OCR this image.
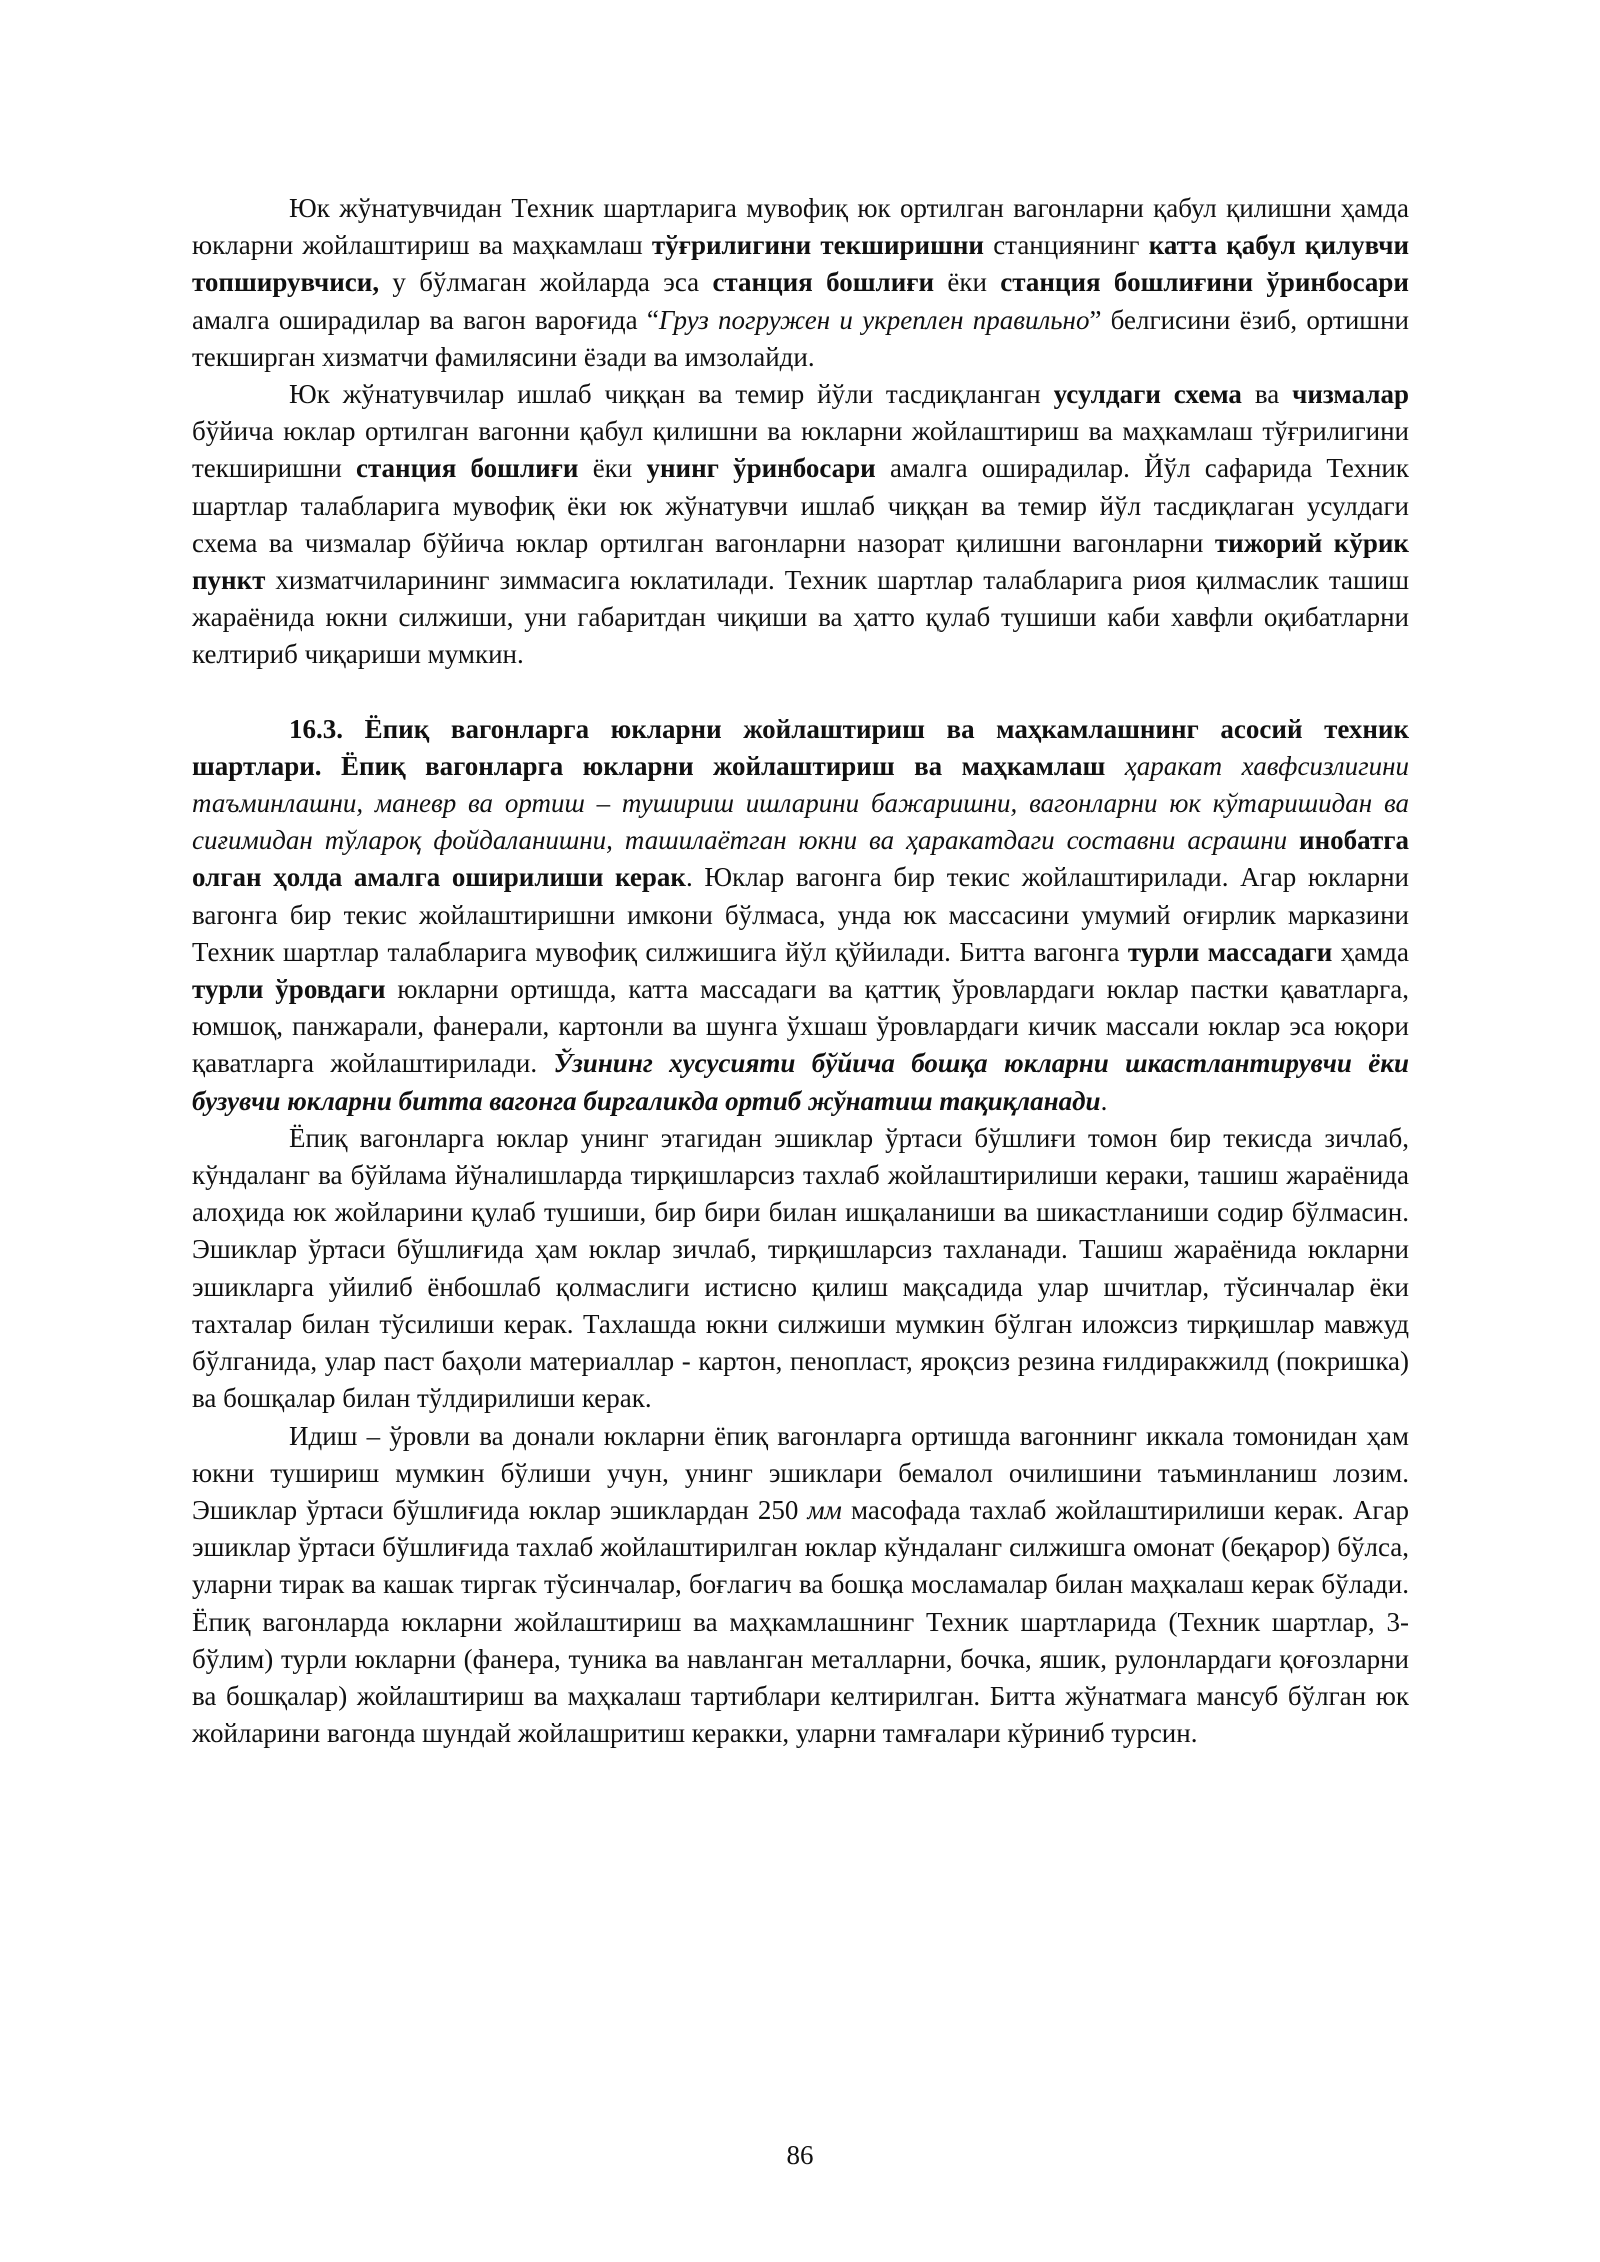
Юк жўнатувчидан Техник шартларига мувофиқ юк ортилган вагонларни қабул қилишни ҳамда юкларни жойлаштириш ва маҳкамлаш тўғрилигини текширишни станциянинг катта қабул қилувчи топширувчиси, у бўлмаган жойларда эса станция бошлиғи ёки станция бошлиғини ўринбосари амалга оширадилар ва вагон варoғида “Груз погружен и укреплен правильно” белгисини ёзиб, ортишни текширган хизматчи фамилясини ёзади ва имзолайди.

Юк жўнатувчилар ишлаб чиққан ва темир йўли тасдиқланган усулдаги схема ва чизмалар бўйича юклар ортилган вагонни қабул қилишни ва юкларни жойлаштириш ва маҳкамлаш тўғрилигини текширишни станция бошлиғи ёки унинг ўринбосари амалга оширадилар. Йўл сафарида Техник шартлар талабларига мувофиқ ёки юк жўнатувчи ишлаб чиққан ва темир йўл тасдиқлаган усулдаги схема ва чизмалар бўйича юклар ортилган вагонларни назорат қилишни вагонларни тижорий кўрик пункт хизматчиларининг зиммасига юклатилади. Техник шартлар талабларига риоя қилмаслик ташиш жараёнида юкни силжиши, уни габаритдан чиқиши ва ҳатто қулаб тушиши каби хавфли оқибатларни келтириб чиқариши мумкин.

16.3. Ёпиқ вагонларга юкларни жойлаштириш ва маҳкамлашнинг асосий техник шартлари. Ёпиқ вагонларга юкларни жойлаштириш ва маҳкамлаш ҳаракат хавфсизлигини таъминлашни, маневр ва ортиш – тушириш ишларини бажаришни, вагонларни юк кўтаришидан ва сиғимидан тўлароқ фойдаланишни, ташилаётган юкни ва ҳаракатдаги составни асрашни инобатга олган ҳолда амалга оширилиши керак. Юклар вагонга бир текис жойлаштирилади. Агар юкларни вагонга бир текис жойлаштиришни имкони бўлмаса, унда юк массасини умумий оғирлик марказини Техник шартлар талабларига мувофиқ силжишига йўл қўйилади. Битта вагонга турли массадаги ҳамда турли ўровдаги юкларни ортишда, катта массадаги ва қаттиқ ўровлардаги юклар пастки қаватларга, юмшоқ, панжарали, фанерали, картонли ва шунга ўхшаш ўровлардаги кичик массали юклар эса юқори қаватларга жойлаштирилади. Ўзининг хусусияти бўйича бошқа юкларни шкастлантирувчи ёки бузувчи юкларни битта вагонга биргаликда ортиб жўнатиш тақиқланади.

Ёпиқ вагонларга юклар унинг этагидан эшиклар ўртаси бўшлиғи томон бир текисда зичлаб, кўндаланг ва бўйлама йўналишларда тирқишларсиз тахлаб жойлаштирилиши кераки, ташиш жараёнида алоҳида юк жойларини қулаб тушиши, бир бири билан ишқаланиши ва шикастланиши содир бўлмасин. Эшиклар ўртаси бўшлиғида ҳам юклар зичлаб, тирқишларсиз тахланади. Ташиш жараёнида юкларни эшикларга уйилиб ёнбошлаб қолмаслиги истисно қилиш мақсадида улар шчитлар, тўсинчалар ёки тахталар билан тўсилиши керак. Тахлашда юкни силжиши мумкин бўлган иложсиз тирқишлар мавжуд бўлганида, улар паст баҳоли материаллар - картон, пенопласт, яроқсиз резина ғилдиракжилд (покришка) ва бошқалар билан тўлдирилиши керак.

Идиш – ўровли ва донали юкларни ёпиқ вагонларга ортишда вагоннинг иккала томонидан ҳам юкни тушириш мумкин бўлиши учун, унинг эшиклари бемалол очилишини таъминланиш лозим. Эшиклар ўртаси бўшлиғида юклар эшиклардан 250 мм масофада тахлаб жойлаштирилиши керак. Агар эшиклар ўртаси бўшлиғида тахлаб жойлаштирилган юклар кўндаланг силжишга омонат (беқарор) бўлса, уларни тирак ва кашак тиргак тўсинчалар, боғлагич ва бошқа мосламалар билан маҳкалаш керак бўлади. Ёпиқ вагонларда юкларни жойлаштириш ва маҳкамлашнинг Техник шартларида (Техник шартлар, 3-бўлим) турли юкларни (фанера, туника ва навланган металларни, бочка, яшик, рулонлардаги қоғозларни ва бошқалар) жойлаштириш ва маҳкалаш тартиблари келтирилган. Битта жўнатмага мансуб бўлган юк жойларини вагонда шундай жойлашритиш керакки, уларни тамғалари кўриниб турсин.

86
